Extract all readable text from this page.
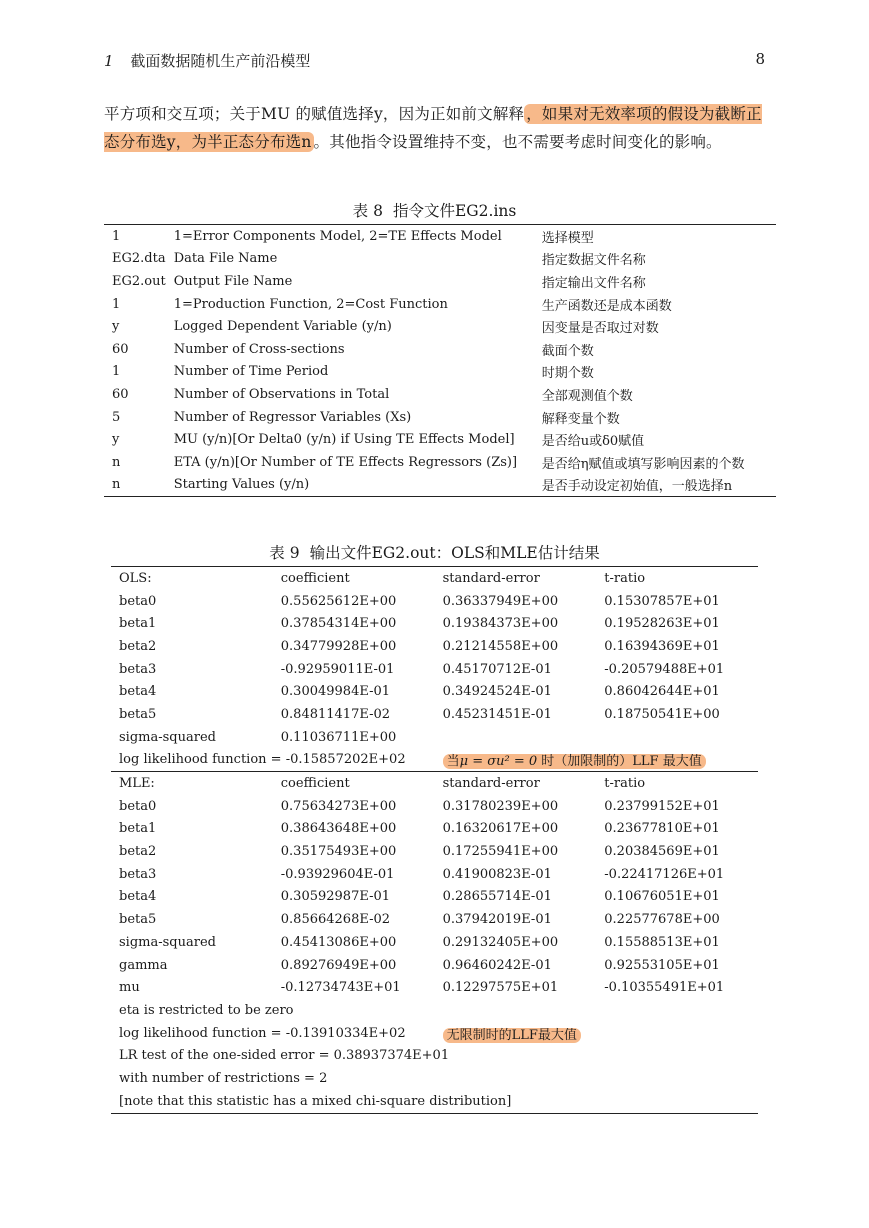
1 截面数据随机生产前沿模型	8
平方项和交互项；关于MU 的赋值选择y，因为正如前文解释 ，如果对无效率项的假设为截断正态分布选y，为半正态分布选n 。其他指令设置维持不变，也不需要考虑时间变化的影响。
表 8 指令文件EG2.ins
1	1=Error Components Model, 2=TE Effects Model	选择模型
EG2.dta	Data File Name	指定数据文件名称
EG2.out	Output File Name	指定输出文件名称
1	1=Production Function, 2=Cost Function	生产函数还是成本函数
y	Logged Dependent Variable (y/n)	因变量是否取过对数
60	Number of Cross-sections	截面个数
1	Number of Time Period	时期个数
60	Number of Observations in Total	全部观测值个数
5	Number of Regressor Variables (Xs)	解释变量个数
y	MU (y/n)[Or Delta0 (y/n) if Using TE Effects Model]	是否给u或δ0赋值
n	ETA (y/n)[Or Number of TE Effects Regressors (Zs)]	是否给η赋值或填写影响因素的个数
n	Starting Values (y/n)	是否手动设定初始值，一般选择n
表 9 输出文件EG2.out：OLS和MLE估计结果
OLS:	coefficient	standard-error	t-ratio
beta0	0.55625612E+00	0.36337949E+00	0.15307857E+01
beta1	0.37854314E+00	0.19384373E+00	0.19528263E+01
beta2	0.34779928E+00	0.21214558E+00	0.16394369E+01
beta3	-0.92959011E-01	0.45170712E-01	-0.20579488E+01
beta4	0.30049984E-01	0.34924524E-01	0.86042644E+01
beta5	0.84811417E-02	0.45231451E-01	0.18750541E+00
sigma-squared	0.11036711E+00		
log likelihood function = -0.15857202E+02		当μ = σu² = 0 时（加限制的）LLF 最大值	
MLE:	coefficient	standard-error	t-ratio
beta0	0.75634273E+00	0.31780239E+00	0.23799152E+01
beta1	0.38643648E+00	0.16320617E+00	0.23677810E+01
beta2	0.35175493E+00	0.17255941E+00	0.20384569E+01
beta3	-0.93929604E-01	0.41900823E-01	-0.22417126E+01
beta4	0.30592987E-01	0.28655714E-01	0.10676051E+01
beta5	0.85664268E-02	0.37942019E-01	0.22577678E+00
sigma-squared	0.45413086E+00	0.29132405E+00	0.15588513E+01
gamma	0.89276949E+00	0.96460242E-01	0.92553105E+01
mu	-0.12734743E+01	0.12297575E+01	-0.10355491E+01
eta is restricted to be zero			
log likelihood function = -0.13910334E+02		无限制时的LLF最大值	
LR test of the one-sided error = 0.38937374E+01			
with number of restrictions = 2			
[note that this statistic has a mixed chi-square distribution]			
